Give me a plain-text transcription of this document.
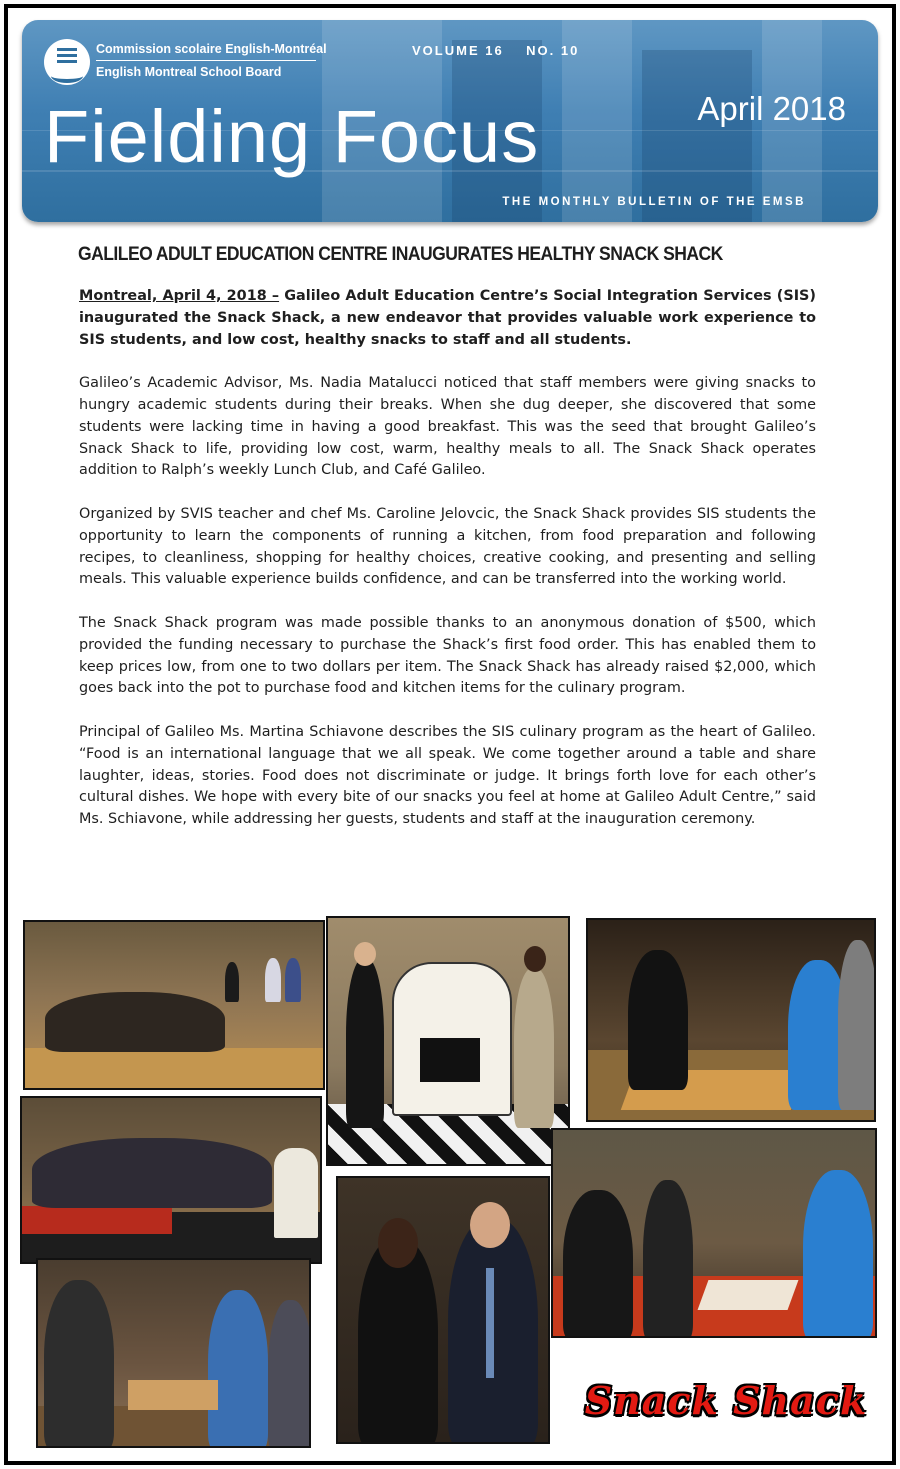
Commission scolaire English-Montréal
English Montreal School Board
VOLUME 16 NO. 10
April 2018
Fielding Focus
THE MONTHLY BULLETIN OF THE EMSB
GALILEO ADULT EDUCATION CENTRE INAUGURATES HEALTHY SNACK SHACK

Montreal, April 4, 2018 – Galileo Adult Education Centre’s Social Integration Services (SIS) inaugurated the Snack Shack, a new endeavor that provides valuable work experience to SIS students, and low cost, healthy snacks to staff and all students.

Galileo’s Academic Advisor, Ms. Nadia Matalucci noticed that staff members were giving snacks to hungry academic students during their breaks. When she dug deeper, she discovered that some students were lacking time in having a good breakfast. This was the seed that brought Galileo’s Snack Shack to life, providing low cost, warm, healthy meals to all. The Snack Shack operates addition to Ralph’s weekly Lunch Club, and Café Galileo.

Organized by SVIS teacher and chef Ms. Caroline Jelovcic, the Snack Shack provides SIS students the opportunity to learn the components of running a kitchen, from food preparation and following recipes, to cleanliness, shopping for healthy choices, creative cooking, and presenting and selling meals. This valuable experience builds confidence, and can be transferred into the working world.

The Snack Shack program was made possible thanks to an anonymous donation of $500, which provided the funding necessary to purchase the Shack’s first food order. This has enabled them to keep prices low, from one to two dollars per item. The Snack Shack has already raised $2,000, which goes back into the pot to purchase food and kitchen items for the culinary program.

Principal of Galileo Ms. Martina Schiavone describes the SIS culinary program as the heart of Galileo. “Food is an international language that we all speak. We come together around a table and share laughter, ideas, stories. Food does not discriminate or judge. It brings forth love for each other’s cultural dishes. We hope with every bite of our snacks you feel at home at Galileo Adult Centre,” said Ms. Schiavone, while addressing her guests, students and staff at the inauguration ceremony.

Snack Shack
